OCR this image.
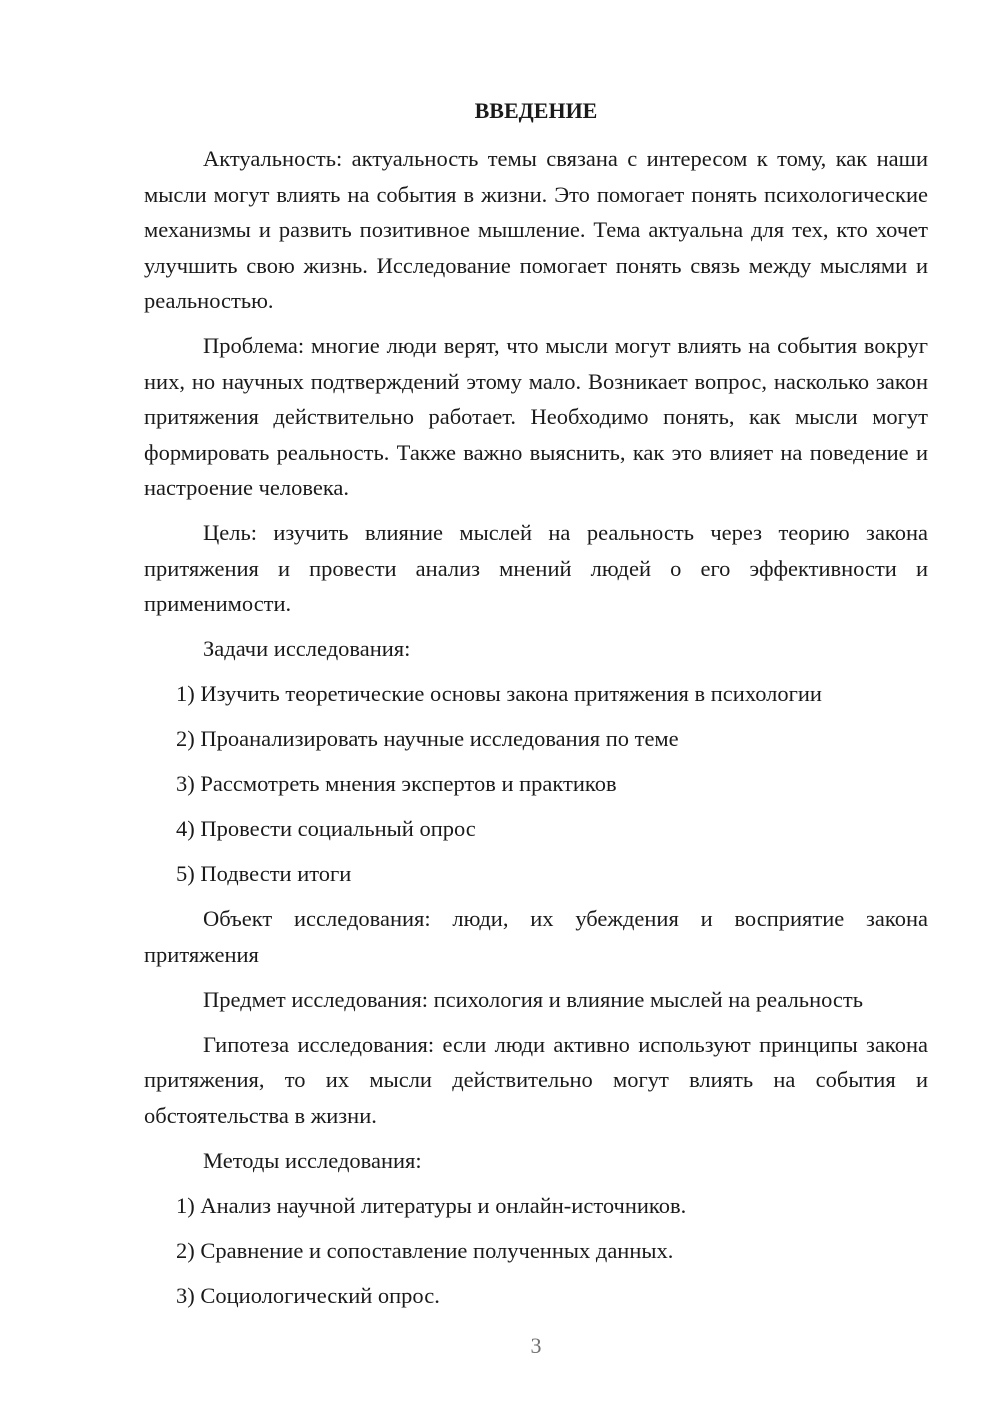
ВВЕДЕНИЕ

Актуальность: актуальность темы связана с интересом к тому, как наши мысли могут влиять на события в жизни. Это помогает понять психологические механизмы и развить позитивное мышление. Тема актуальна для тех, кто хочет улучшить свою жизнь. Исследование помогает понять связь между мыслями и реальностью.

Проблема: многие люди верят, что мысли могут влиять на события вокруг них, но научных подтверждений этому мало. Возникает вопрос, насколько закон притяжения действительно работает. Необходимо понять, как мысли могут формировать реальность. Также важно выяснить, как это влияет на поведение и настроение человека.

Цель: изучить влияние мыслей на реальность через теорию закона притяжения и провести анализ мнений людей о его эффективности и применимости.

Задачи исследования:

1) Изучить теоретические основы закона притяжения в психологии
2) Проанализировать научные исследования по теме
3) Рассмотреть мнения экспертов и практиков
4) Провести социальный опрос
5) Подвести итоги

Объект исследования: люди, их убеждения и восприятие закона притяжения

Предмет исследования: психология и влияние мыслей на реальность

Гипотеза исследования: если люди активно используют принципы закона притяжения, то их мысли действительно могут влиять на события и обстоятельства в жизни.

Методы исследования:

1) Анализ научной литературы и онлайн-источников.
2) Сравнение и сопоставление полученных данных.
3) Социологический опрос.
3
